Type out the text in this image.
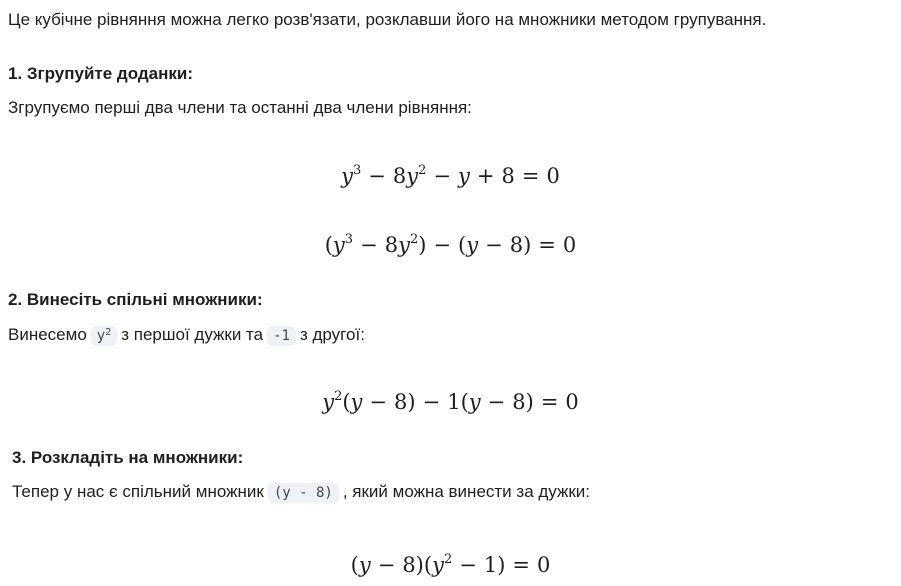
Це кубічне рівняння можна легко розв'язати, розклавши його на множники методом групування.
1. Згрупуйте доданки:
Згрупуємо перші два члени та останні два члени рівняння:
$y^3 - 8y^2 - y + 8 = 0$
$(y^3 - 8y^2) - (y - 8) = 0$
2. Винесіть спільні множники:
Винесемо $y^2$ з першої дужки та -1 з другої:
$y^2(y - 8) - 1(y - 8) = 0$
3. Розкладіть на множники:
Тепер у нас є спільний множник (y - 8) , який можна винести за дужки:
$(y - 8)(y^2 - 1) = 0$
